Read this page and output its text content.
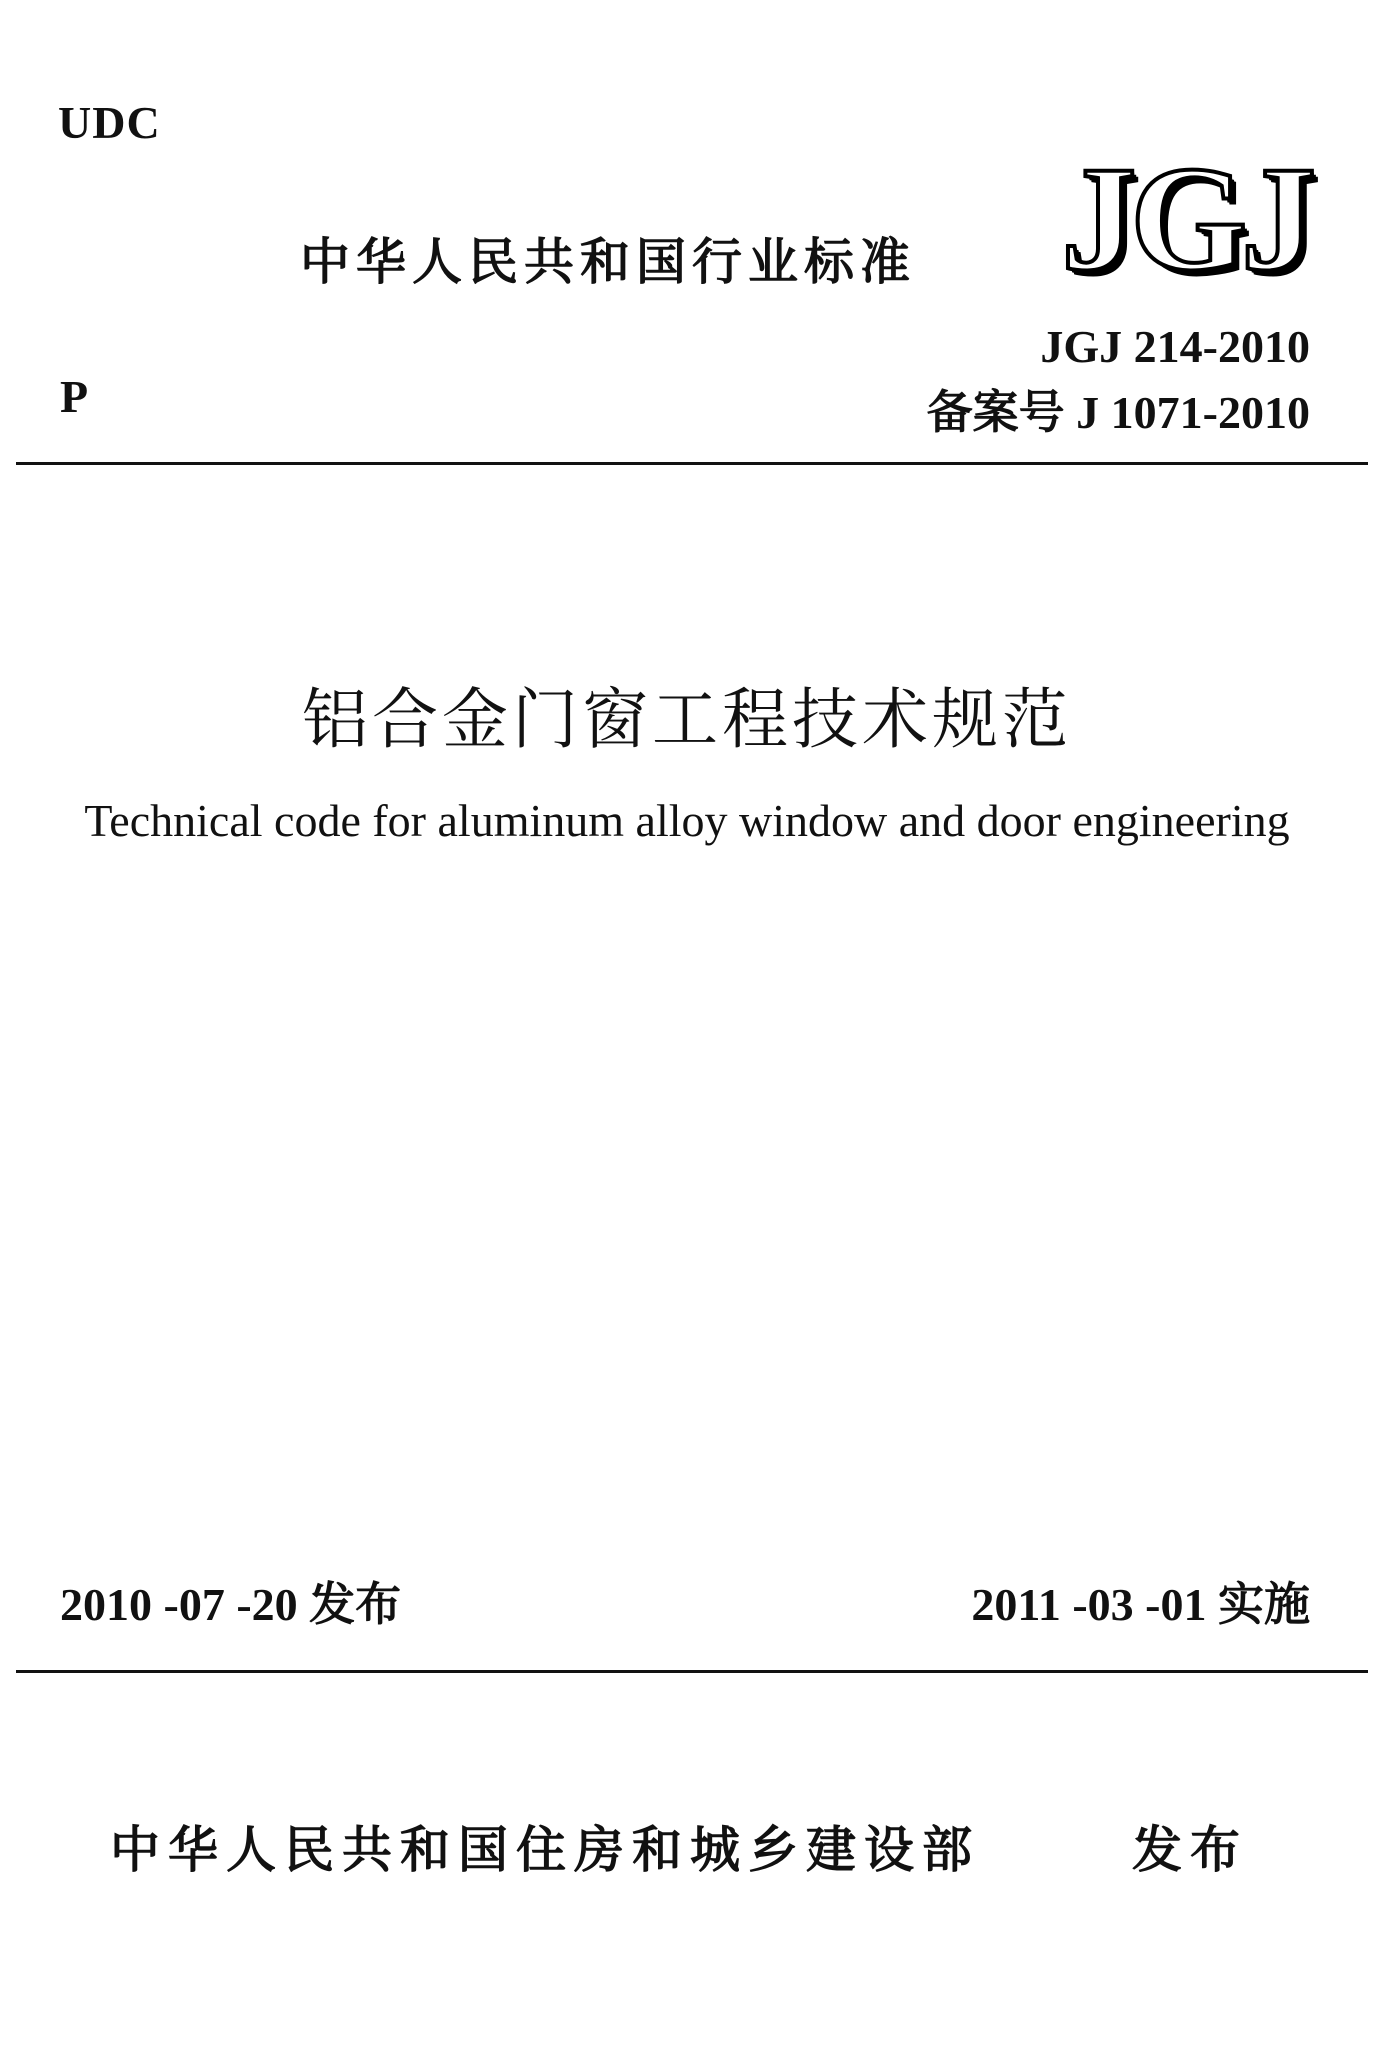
UDC
中华人民共和国行业标准 JGJ
JGJ 214-2010
P	备案号 J 1071-2010
铝合金门窗工程技术规范
Technical code for aluminum alloy window and door engineering
2010 -07 -20 发布	2011 -03 -01 实施
中华人民共和国住房和城乡建设部	发布
